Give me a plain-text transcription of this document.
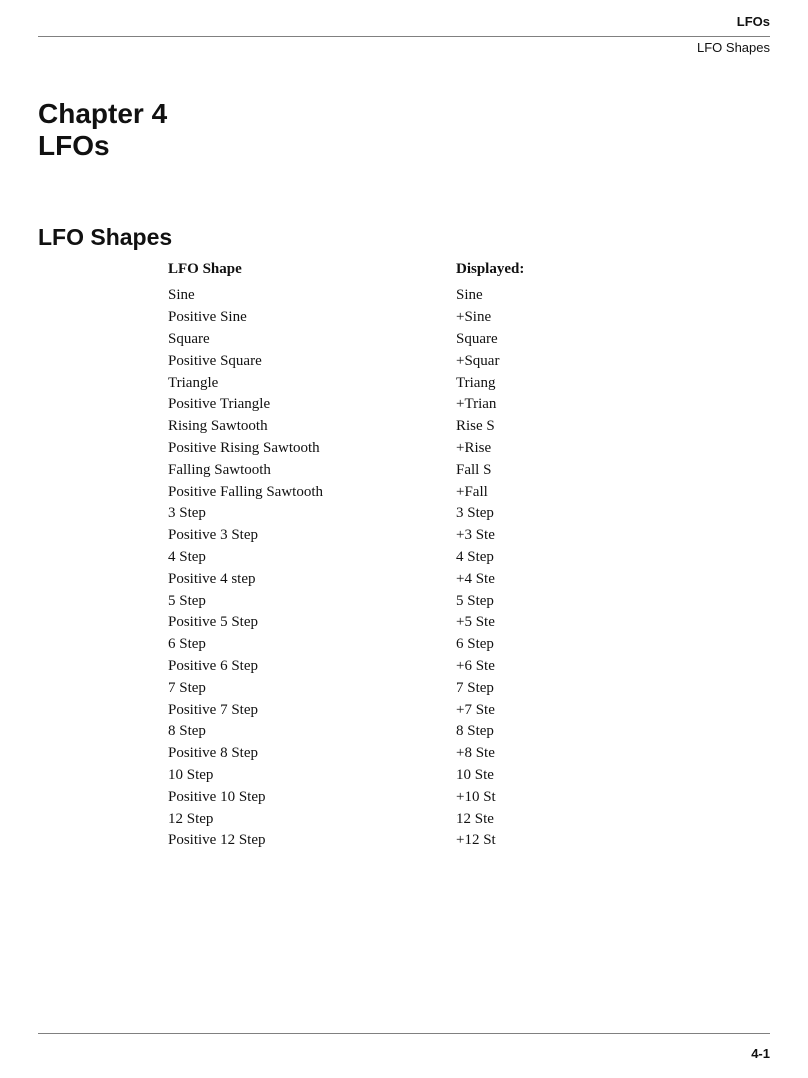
LFOs
LFO Shapes
Chapter 4
LFOs
LFO Shapes
LFO Shape	Displayed:
Sine	Sine
Positive Sine	+Sine
Square	Square
Positive Square	+Squar
Triangle	Triang
Positive Triangle	+Trian
Rising Sawtooth	Rise S
Positive Rising Sawtooth	+Rise
Falling Sawtooth	Fall S
Positive Falling Sawtooth	+Fall
3 Step	3 Step
Positive 3 Step	+3 Ste
4 Step	4 Step
Positive 4 step	+4 Ste
5 Step	5 Step
Positive 5 Step	+5 Ste
6 Step	6 Step
Positive 6 Step	+6 Ste
7 Step	7 Step
Positive 7 Step	+7 Ste
8 Step	8 Step
Positive 8 Step	+8 Ste
10 Step	10 Ste
Positive 10 Step	+10 St
12 Step	12 Ste
Positive 12 Step	+12 St
4-1
